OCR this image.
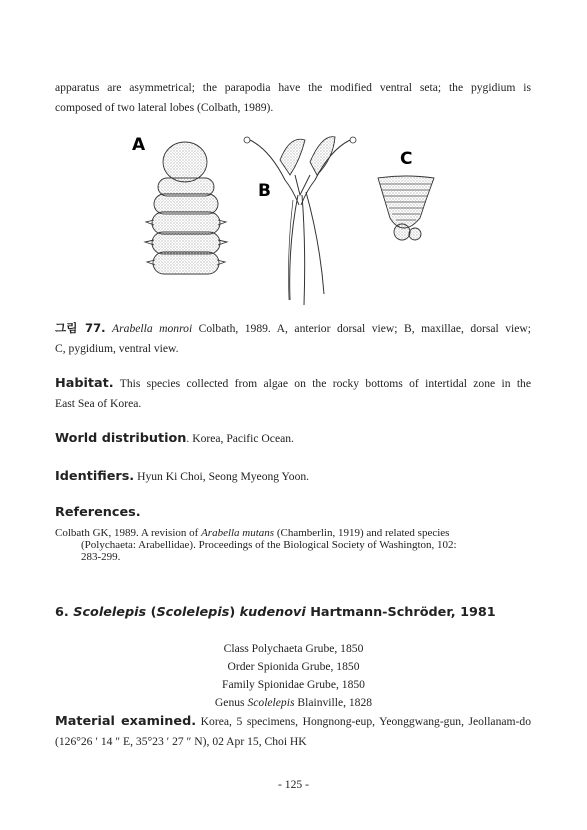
apparatus are asymmetrical; the parapodia have the modified ventral seta; the pygidium is
composed of two lateral lobes (Colbath, 1989).
A
B
C
그림 77. Arabella monroi Colbath, 1989. A, anterior dorsal view; B, maxillae, dorsal view;
C, pygidium, ventral view.
Habitat. This species collected from algae on the rocky bottoms of intertidal zone in the
East Sea of Korea.
World distribution. Korea, Pacific Ocean.
Identifiers. Hyun Ki Choi, Seong Myeong Yoon.
References.
Colbath GK, 1989. A revision of Arabella mutans (Chamberlin, 1919) and related species
(Polychaeta: Arabellidae). Proceedings of the Biological Society of Washington, 102:
283-299.
6. Scolelepis (Scolelepis) kudenovi Hartmann-Schröder, 1981
Class Polychaeta Grube, 1850
Order Spionida Grube, 1850
Family Spionidae Grube, 1850
Genus Scolelepis Blainville, 1828
Material examined. Korea, 5 specimens, Hongnong-eup, Yeonggwang-gun, Jeollanam-do
(126°26 ′ 14 ″ E, 35°23 ′ 27 ″ N), 02 Apr 15, Choi HK
- 125 -
